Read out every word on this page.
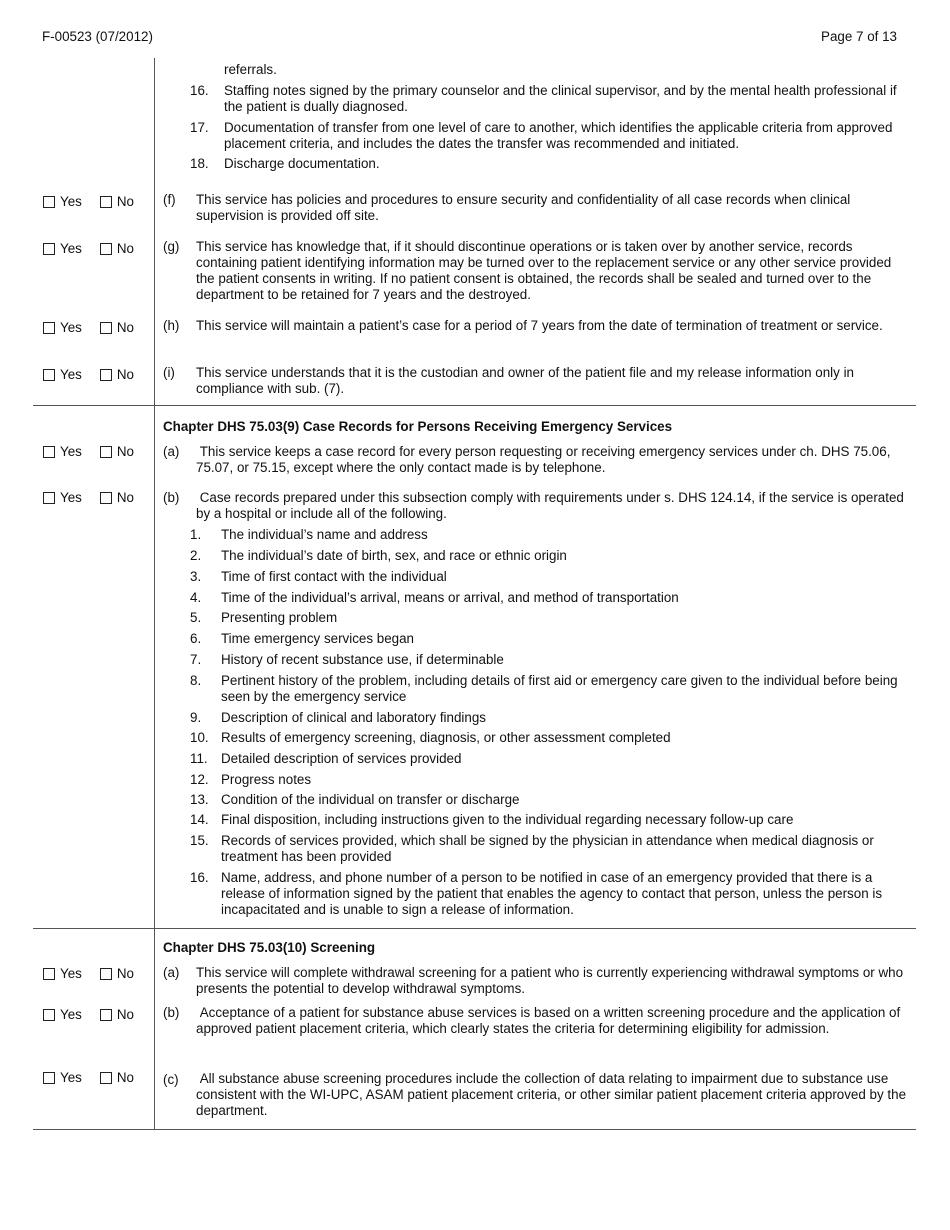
F-00523 (07/2012)	Page 7 of 13
referrals.
16. Staffing notes signed by the primary counselor and the clinical supervisor, and by the mental health professional if the patient is dually diagnosed.
17. Documentation of transfer from one level of care to another, which identifies the applicable criteria from approved placement criteria, and includes the dates the transfer was recommended and initiated.
18. Discharge documentation.
Yes	No (f) This service has policies and procedures to ensure security and confidentiality of all case records when clinical supervision is provided off site.
Yes	No (g) This service has knowledge that, if it should discontinue operations or is taken over by another service, records containing patient identifying information may be turned over to the replacement service or any other service provided the patient consents in writing. If no patient consent is obtained, the records shall be sealed and turned over to the department to be retained for 7 years and the destroyed.
Yes	No (h) This service will maintain a patient’s case for a period of 7 years from the date of termination of treatment or service.
Yes	No (i) This service understands that it is the custodian and owner of the patient file and my release information only in compliance with sub. (7).
Chapter DHS 75.03(9) Case Records for Persons Receiving Emergency Services
Yes	No (a) This service keeps a case record for every person requesting or receiving emergency services under ch. DHS 75.06, 75.07, or 75.15, except where the only contact made is by telephone.
Yes	No (b) Case records prepared under this subsection comply with requirements under s. DHS 124.14, if the service is operated by a hospital or include all of the following.
1. The individual’s name and address
2. The individual’s date of birth, sex, and race or ethnic origin
3. Time of first contact with the individual
4. Time of the individual’s arrival, means or arrival, and method of transportation
5. Presenting problem
6. Time emergency services began
7. History of recent substance use, if determinable
8. Pertinent history of the problem, including details of first aid or emergency care given to the individual before being seen by the emergency service
9. Description of clinical and laboratory findings
10. Results of emergency screening, diagnosis, or other assessment completed
11. Detailed description of services provided
12. Progress notes
13. Condition of the individual on transfer or discharge
14. Final disposition, including instructions given to the individual regarding necessary follow-up care
15. Records of services provided, which shall be signed by the physician in attendance when medical diagnosis or treatment has been provided
16. Name, address, and phone number of a person to be notified in case of an emergency provided that there is a release of information signed by the patient that enables the agency to contact that person, unless the person is incapacitated and is unable to sign a release of information.
Chapter DHS 75.03(10) Screening
Yes	No (a) This service will complete withdrawal screening for a patient who is currently experiencing withdrawal symptoms or who presents the potential to develop withdrawal symptoms.
Yes	No (b) Acceptance of a patient for substance abuse services is based on a written screening procedure and the application of approved patient placement criteria, which clearly states the criteria for determining eligibility for admission.
Yes	No (c) All substance abuse screening procedures include the collection of data relating to impairment due to substance use consistent with the WI-UPC, ASAM patient placement criteria, or other similar patient placement criteria approved by the department.
